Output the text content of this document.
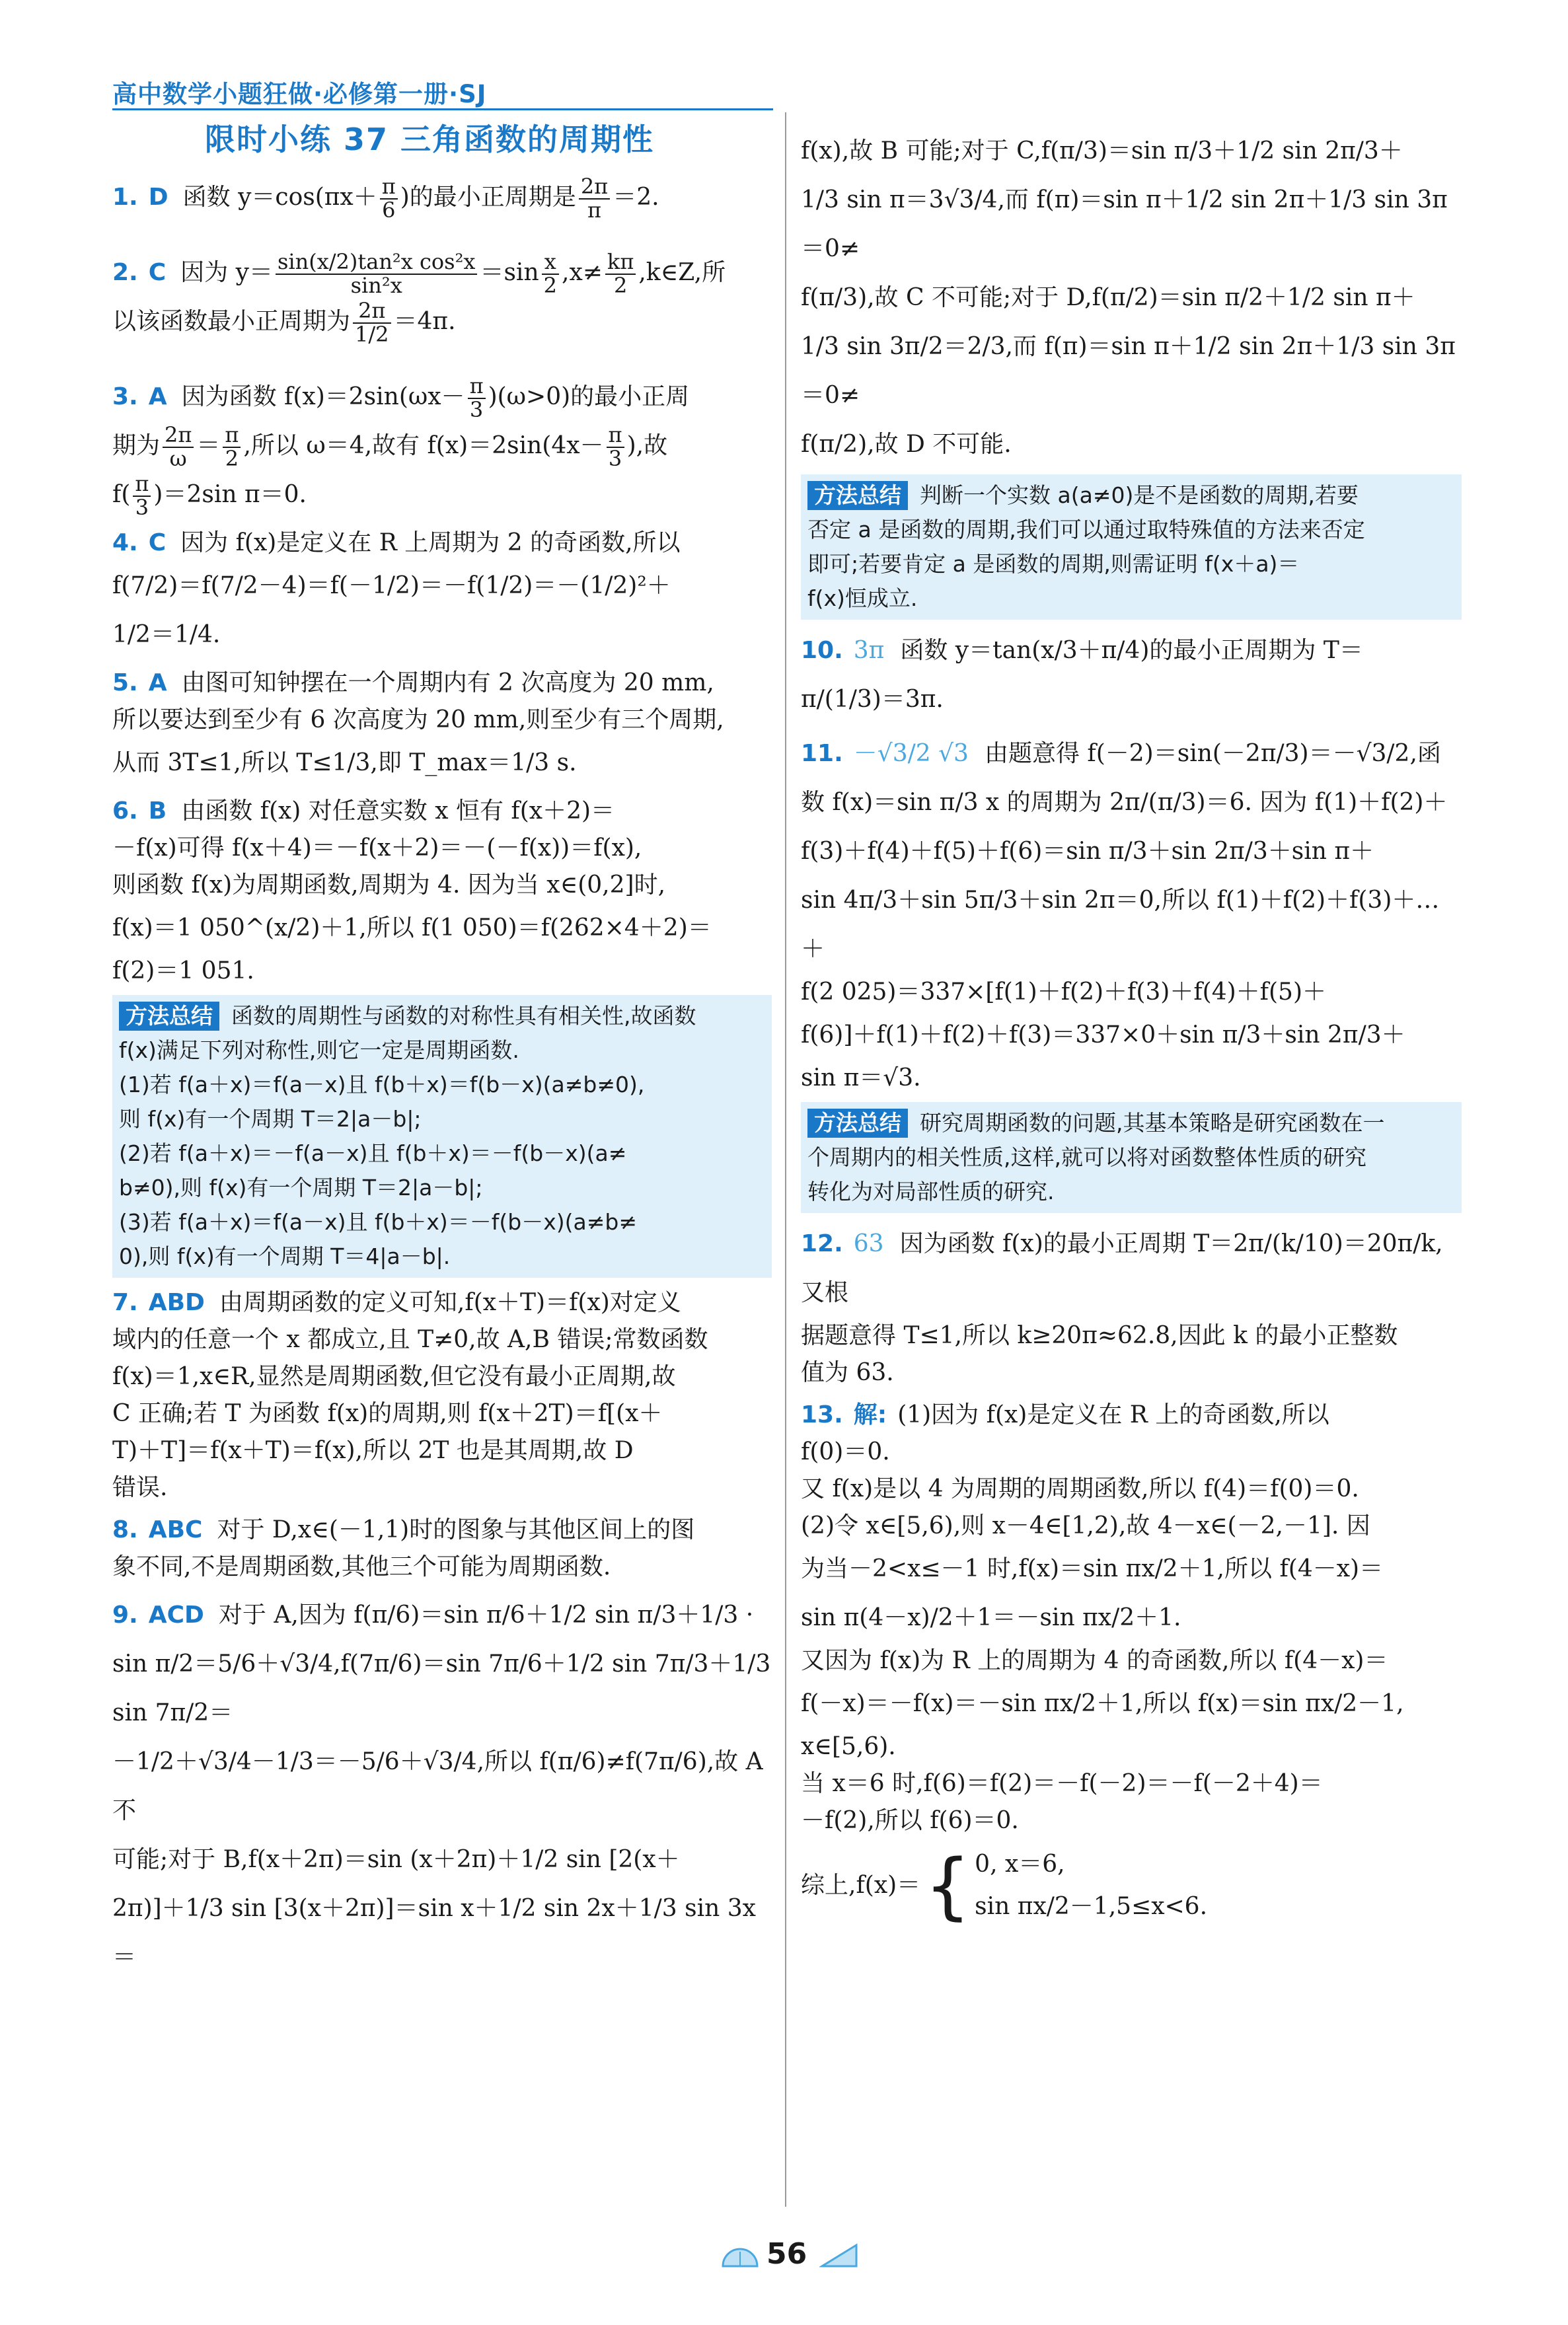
高中数学小题狂做·必修第一册·SJ
限时小练 37 三角函数的周期性
1. D 函数 $y=\cos(\pi x+ \frac{\pi}{6}$ )的最小正周期是 $\frac{2\pi}{\pi} =2$.
2. C 因为 $y= \frac{\text{sin(x/2)tan²x cos²x}}{\text{sin²x}} =\sin \frac{x}{2} ,x\ne \frac{k\pi}{2}$ ,k∈Z,所
以该函数最小正周期为 $\frac{2\pi}{1/2} =4\pi$.
3. A 因为函数 $f(x)=2\sin(\omega x- \frac{\pi}{3} )(\omega>0)$的最小正周
期为 $\frac{2\pi}{\omega} = \frac{\pi}{2}$ ,所以 ω＝4,故有 $f(x)=2\sin(4x- \frac{\pi}{3}$ ),故
$f( \frac{\pi}{3} )=2\sin$ π＝0.
4. C 因为 f(x)是定义在 R 上周期为 2 的奇函数,所以
f(7/2)＝f(7/2－4)＝f(－1/2)＝－f(1/2)＝－(1/2)²＋
1/2＝1/4.
5. A 由图可知钟摆在一个周期内有 2 次高度为 20 mm,
所以要达到至少有 6 次高度为 20 mm,则至少有三个周期,
从而 3T≤1,所以 T≤1/3,即 T_max＝1/3 s.
6. B 由函数 f(x) 对任意实数 x 恒有 f(x＋2)＝
－f(x)可得 f(x＋4)＝－f(x＋2)＝－(－f(x))＝f(x),
则函数 f(x)为周期函数,周期为 4. 因为当 x∈(0,2]时,
f(x)＝1 050^(x/2)＋1,所以 f(1 050)＝f(262×4＋2)＝
f(2)＝1 051.
方法总结 函数的周期性与函数的对称性具有相关性,故函数
f(x)满足下列对称性,则它一定是周期函数.
(1)若 f(a＋x)＝f(a－x)且 f(b＋x)＝f(b－x)(a≠b≠0),
则 f(x)有一个周期 T＝2|a－b|;
(2)若 f(a＋x)＝－f(a－x)且 f(b＋x)＝－f(b－x)(a≠
b≠0),则 f(x)有一个周期 T＝2|a－b|;
(3)若 f(a＋x)＝f(a－x)且 f(b＋x)＝－f(b－x)(a≠b≠
0),则 f(x)有一个周期 T＝4|a－b|.
7. ABD 由周期函数的定义可知,f(x＋T)＝f(x)对定义
域内的任意一个 x 都成立,且 T≠0,故 A,B 错误;常数函数
f(x)＝1,x∈R,显然是周期函数,但它没有最小正周期,故
C 正确;若 T 为函数 f(x)的周期,则 f(x＋2T)＝f[(x＋
T)＋T]＝f(x＋T)＝f(x),所以 2T 也是其周期,故 D
错误.
8. ABC 对于 D,x∈(－1,1)时的图象与其他区间上的图
象不同,不是周期函数,其他三个可能为周期函数.
9. ACD 对于 A,因为 f(π/6)＝sin π/6＋1/2 sin π/3＋1/3 ·
sin π/2＝5/6＋√3/4,f(7π/6)＝sin 7π/6＋1/2 sin 7π/3＋1/3 sin 7π/2＝
－1/2＋√3/4－1/3＝－5/6＋√3/4,所以 f(π/6)≠f(7π/6),故 A 不
可能;对于 B,f(x＋2π)＝sin (x＋2π)＋1/2 sin [2(x＋
2π)]＋1/3 sin [3(x＋2π)]＝sin x＋1/2 sin 2x＋1/3 sin 3x＝
f(x),故 B 可能;对于 C,f(π/3)＝sin π/3＋1/2 sin 2π/3＋
1/3 sin π＝3√3/4,而 f(π)＝sin π＋1/2 sin 2π＋1/3 sin 3π＝0≠
f(π/3),故 C 不可能;对于 D,f(π/2)＝sin π/2＋1/2 sin π＋
1/3 sin 3π/2＝2/3,而 f(π)＝sin π＋1/2 sin 2π＋1/3 sin 3π＝0≠
f(π/2),故 D 不可能.
方法总结 判断一个实数 a(a≠0)是不是函数的周期,若要
否定 a 是函数的周期,我们可以通过取特殊值的方法来否定
即可;若要肯定 a 是函数的周期,则需证明 f(x＋a)＝
f(x)恒成立.
10. 3π 函数 y＝tan(x/3＋π/4)的最小正周期为 T＝
π/(1/3)＝3π.
11. －√3/2 √3 由题意得 f(－2)＝sin(－2π/3)＝－√3/2,函
数 f(x)＝sin π/3 x 的周期为 2π/(π/3)＝6. 因为 f(1)＋f(2)＋
f(3)＋f(4)＋f(5)＋f(6)＝sin π/3＋sin 2π/3＋sin π＋
sin 4π/3＋sin 5π/3＋sin 2π＝0,所以 f(1)＋f(2)＋f(3)＋…＋
f(2 025)＝337×[f(1)＋f(2)＋f(3)＋f(4)＋f(5)＋
f(6)]＋f(1)＋f(2)＋f(3)＝337×0＋sin π/3＋sin 2π/3＋
sin π＝√3.
方法总结 研究周期函数的问题,其基本策略是研究函数在一
个周期内的相关性质,这样,就可以将对函数整体性质的研究
转化为对局部性质的研究.
12. 63 因为函数 f(x)的最小正周期 T＝2π/(k/10)＝20π/k,又根
据题意得 T≤1,所以 k≥20π≈62.8,因此 k 的最小正整数
值为 63.
13. 解: (1)因为 f(x)是定义在 R 上的奇函数,所以
f(0)＝0.
又 f(x)是以 4 为周期的周期函数,所以 f(4)＝f(0)＝0.
(2)令 x∈[5,6),则 x－4∈[1,2),故 4－x∈(－2,－1]. 因
为当－2<x≤－1 时,f(x)＝sin πx/2＋1,所以 f(4－x)＝
sin π(4－x)/2＋1＝－sin πx/2＋1.
又因为 f(x)为 R 上的周期为 4 的奇函数,所以 f(4－x)＝
f(－x)＝－f(x)＝－sin πx/2＋1,所以 f(x)＝sin πx/2－1,
x∈[5,6).
当 x＝6 时,f(6)＝f(2)＝－f(－2)＝－f(－2＋4)＝
－f(2),所以 f(6)＝0.
综上,f(x)＝{ 0, x＝6,
sin πx/2－1,5≤x<6.
56
